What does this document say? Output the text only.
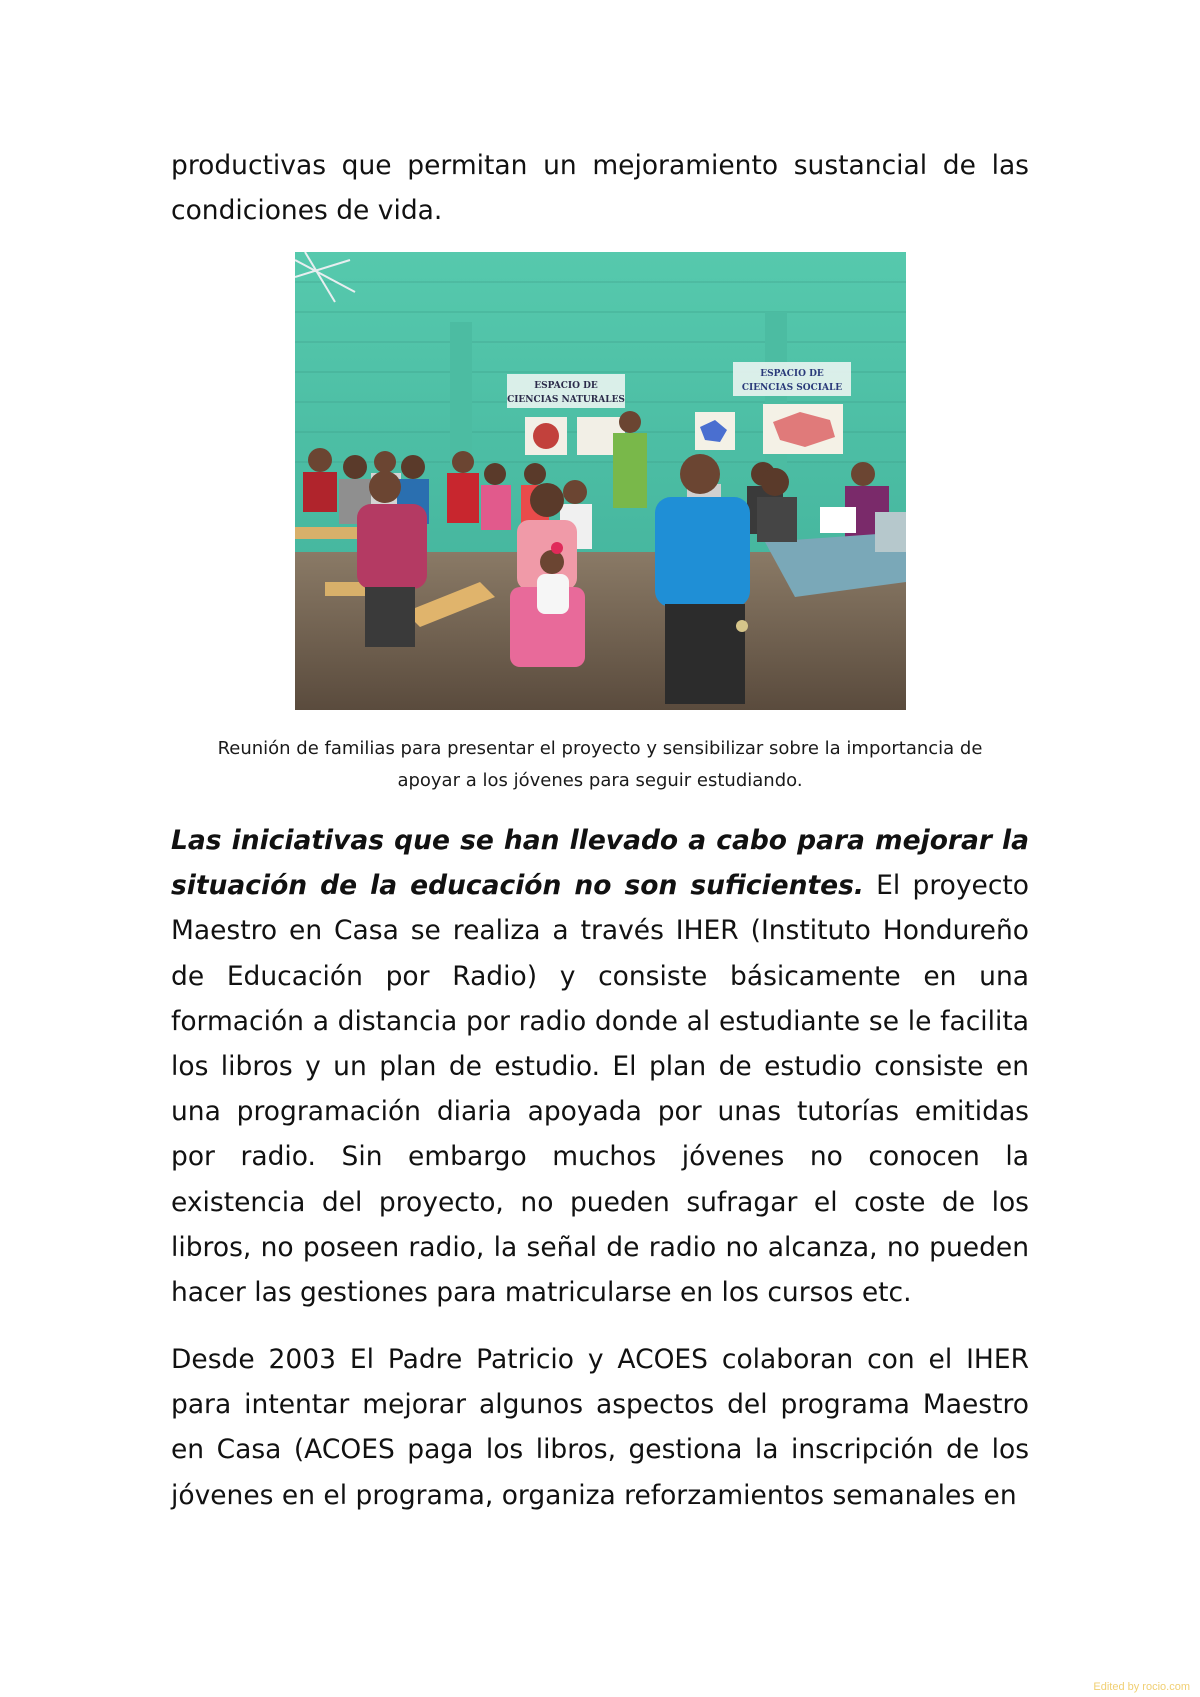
productivas que permitan un mejoramiento sustancial de las condiciones de vida.

ESPACIO DE
CIENCIAS NATURALES
ESPACIO DE
CIENCIAS SOCIALE
Reunión de familias para presentar el proyecto y sensibilizar sobre la importancia de
apoyar a los jóvenes para seguir estudiando.

Las iniciativas que se han llevado a cabo para mejorar la situación de la educación no son suficientes. El proyecto Maestro en Casa se realiza a través IHER (Instituto Hondureño de Educación por Radio) y consiste básicamente en una formación a distancia por radio donde al estudiante se le facilita los libros y un plan de estudio. El plan de estudio consiste en una programación diaria apoyada por unas tutorías emitidas por radio. Sin embargo muchos jóvenes no conocen la existencia del proyecto, no pueden sufragar el coste de los libros, no poseen radio, la señal de radio no alcanza, no pueden hacer las gestiones para matricularse en los cursos etc.

Desde 2003 El Padre Patricio y ACOES colaboran con el IHER para intentar mejorar algunos aspectos del programa Maestro en Casa (ACOES paga los libros, gestiona la inscripción de los jóvenes en el programa, organiza reforzamientos semanales en

Edited by rocio.com
